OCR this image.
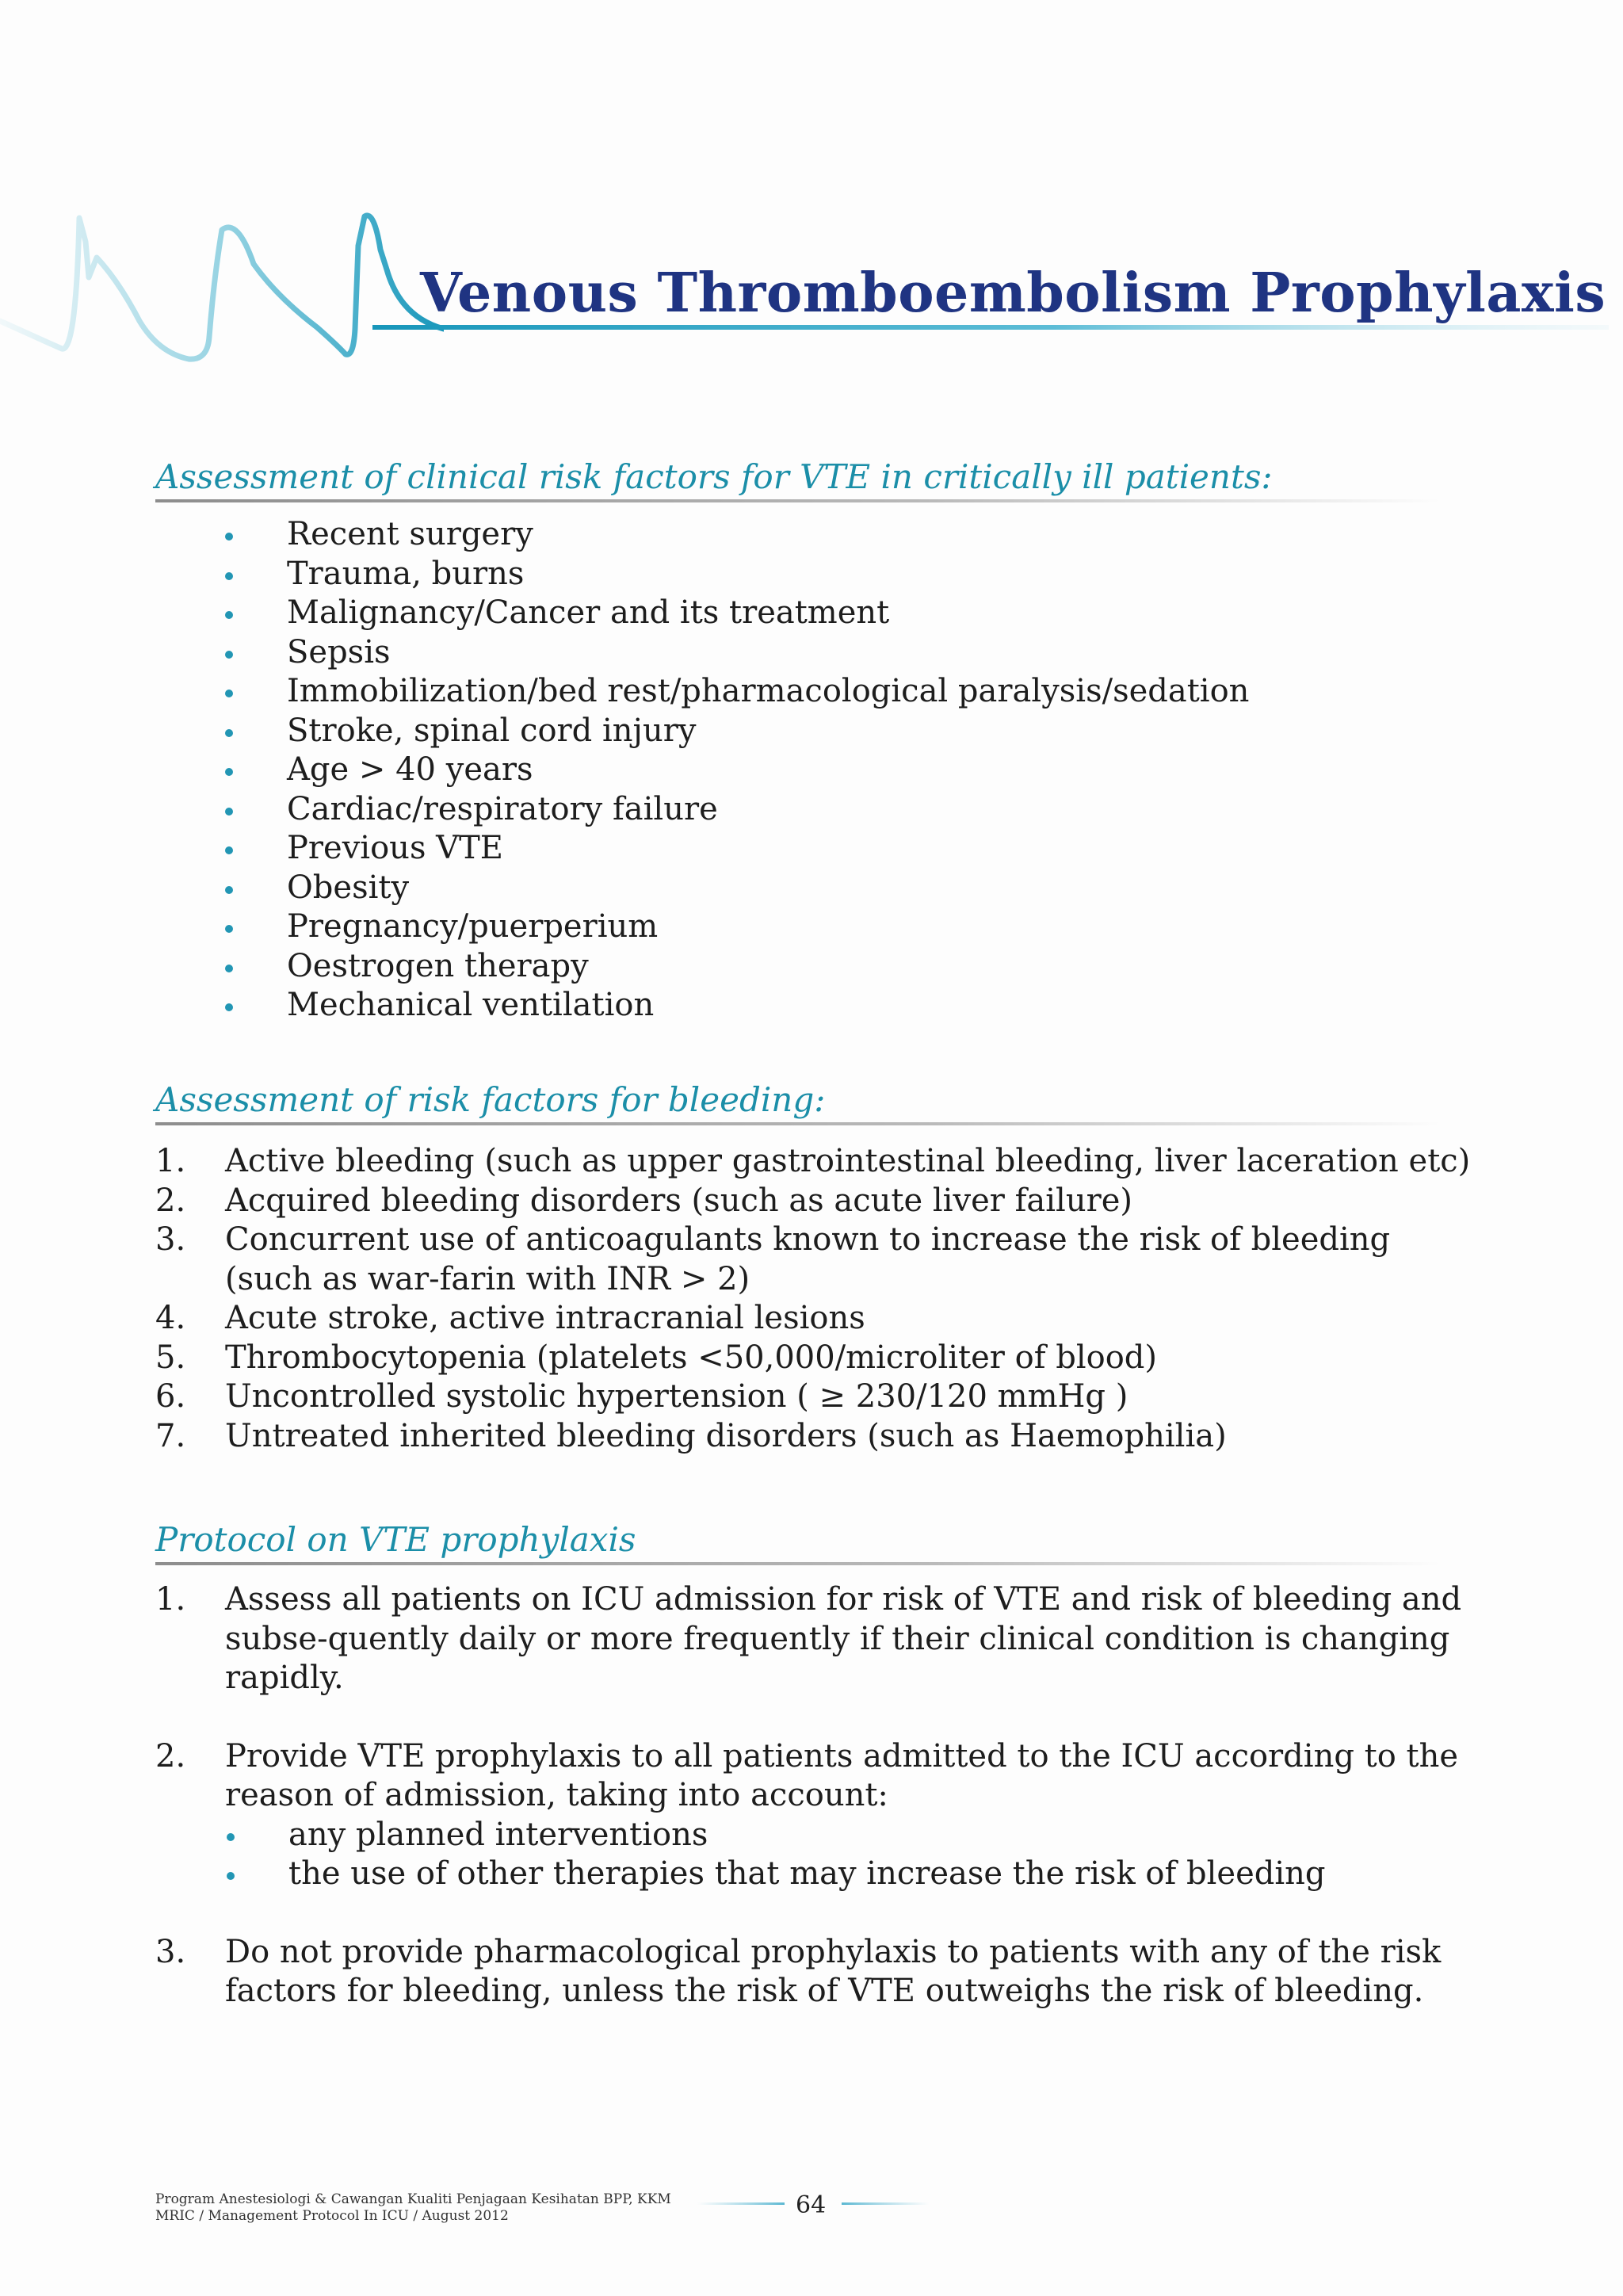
Venous Thromboembolism Prophylaxis
Assessment of clinical risk factors for VTE in critically ill patients:
Recent surgery
Trauma, burns
Malignancy/Cancer and its treatment
Sepsis
Immobilization/bed rest/pharmacological paralysis/sedation
Stroke, spinal cord injury
Age > 40 years
Cardiac/respiratory failure
Previous VTE
Obesity
Pregnancy/puerperium
Oestrogen therapy
Mechanical ventilation
Assessment of risk factors for bleeding:
1. Active bleeding (such as upper gastrointestinal bleeding, liver laceration etc)
2. Acquired bleeding disorders (such as acute liver failure)
3. Concurrent use of anticoagulants known to increase the risk of bleeding (such as war-farin with INR > 2)
4. Acute stroke, active intracranial lesions
5. Thrombocytopenia (platelets <50,000/microliter of blood)
6. Uncontrolled systolic hypertension ( ≥ 230/120 mmHg )
7. Untreated inherited bleeding disorders (such as Haemophilia)
Protocol on VTE prophylaxis
1. Assess all patients on ICU admission for risk of VTE and risk of bleeding and subse-quently daily or more frequently if their clinical condition is changing rapidly.
2. Provide VTE prophylaxis to all patients admitted to the ICU according to the reason of admission, taking into account:
any planned interventions
the use of other therapies that may increase the risk of bleeding
3. Do not provide pharmacological prophylaxis to patients with any of the risk factors for bleeding, unless the risk of VTE outweighs the risk of bleeding.
Program Anestesiologi & Cawangan Kualiti Penjagaan Kesihatan BPP, KKM
MRIC / Management Protocol In ICU / August 2012	64
